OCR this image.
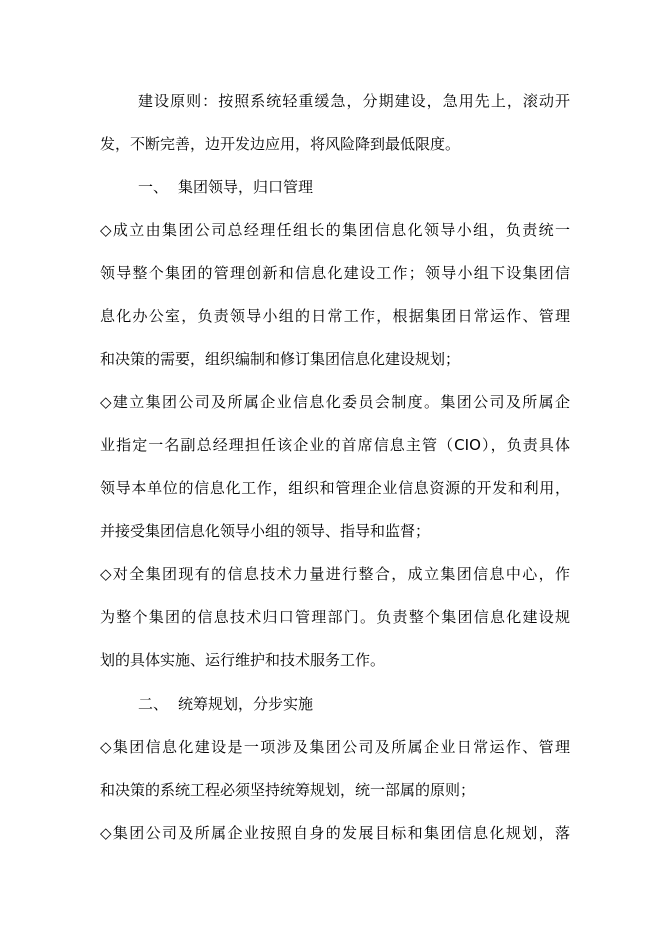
建设原则：按照系统轻重缓急，分期建设，急用先上，滚动开
发，不断完善，边开发边应用，将风险降到最低限度。
一、 集团领导，归口管理
◇成立由集团公司总经理任组长的集团信息化领导小组，负责统一
领导整个集团的管理创新和信息化建设工作；领导小组下设集团信
息化办公室，负责领导小组的日常工作，根据集团日常运作、管理
和决策的需要，组织编制和修订集团信息化建设规划；
◇建立集团公司及所属企业信息化委员会制度。集团公司及所属企
业指定一名副总经理担任该企业的首席信息主管（CIO），负责具体
领导本单位的信息化工作，组织和管理企业信息资源的开发和利用，
并接受集团信息化领导小组的领导、指导和监督；
◇对全集团现有的信息技术力量进行整合，成立集团信息中心，作
为整个集团的信息技术归口管理部门。负责整个集团信息化建设规
划的具体实施、运行维护和技术服务工作。
二、 统筹规划，分步实施
◇集团信息化建设是一项涉及集团公司及所属企业日常运作、管理
和决策的系统工程必须坚持统筹规划，统一部属的原则；
◇集团公司及所属企业按照自身的发展目标和集团信息化规划，落
